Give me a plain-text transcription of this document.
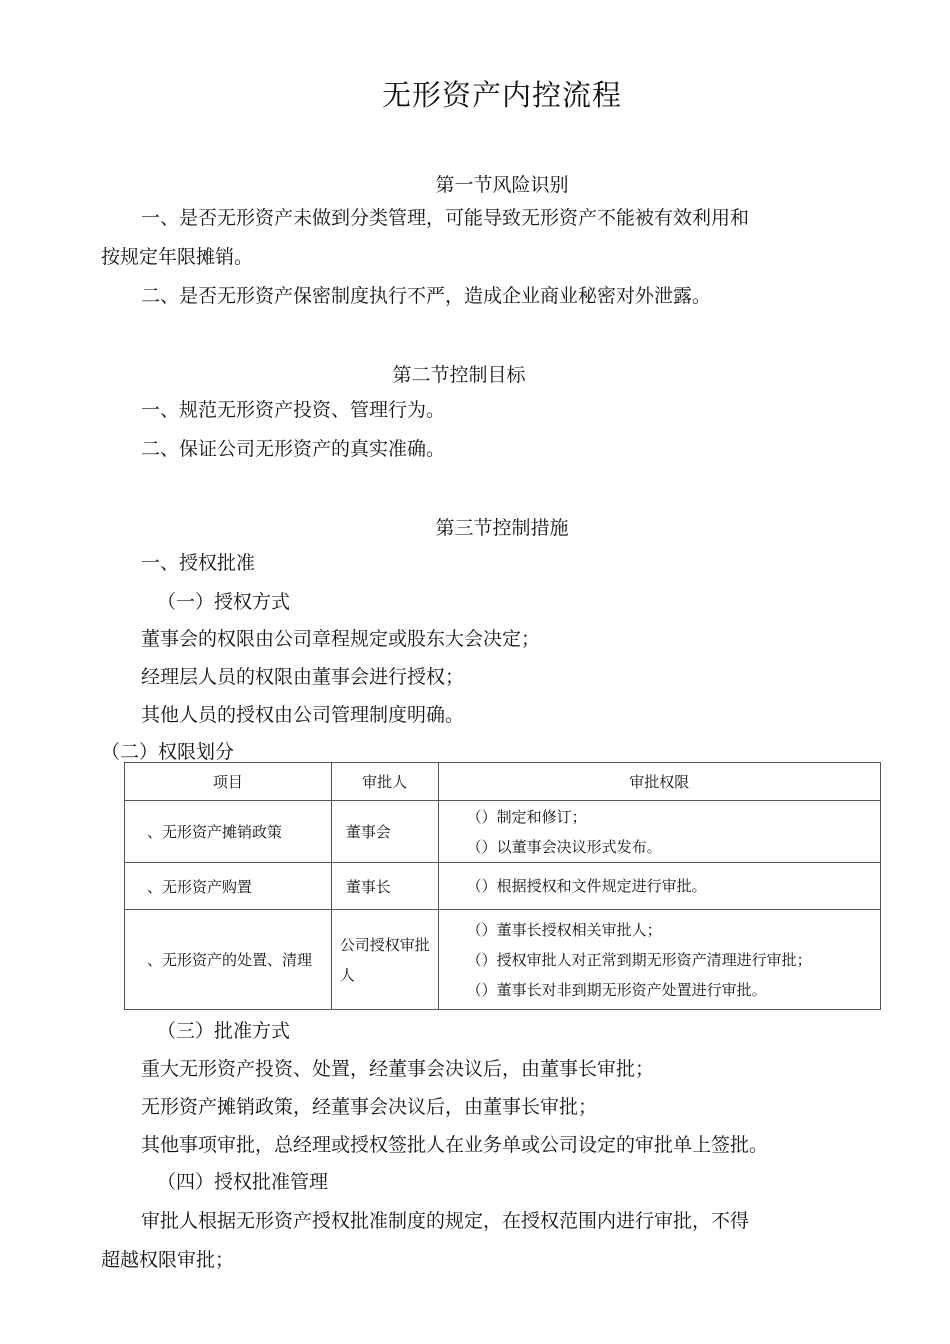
无形资产内控流程
第一节风险识别
一、是否无形资产未做到分类管理，可能导致无形资产不能被有效利用和
按规定年限摊销。
二、是否无形资产保密制度执行不严，造成企业商业秘密对外泄露。
第二节控制目标
一、规范无形资产投资、管理行为。
二、保证公司无形资产的真实准确。
第三节控制措施
一、授权批准
（一）授权方式
董事会的权限由公司章程规定或股东大会决定；
经理层人员的权限由董事会进行授权；
其他人员的授权由公司管理制度明确。
（二）权限划分
项目	审批人	审批权限
、无形资产摊销政策	董事会	（）制定和修订；
（）以董事会决议形式发布。

、无形资产购置	董事长	（）根据授权和文件规定进行审批。

、无形资产的处置、清理	公司授权审批人	（）董事长授权相关审批人；
（）授权审批人对正常到期无形资产清理进行审批；
（）董事长对非到期无形资产处置进行审批。
（三）批准方式
重大无形资产投资、处置，经董事会决议后，由董事长审批；
无形资产摊销政策，经董事会决议后，由董事长审批；
其他事项审批，总经理或授权签批人在业务单或公司设定的审批单上签批。
（四）授权批准管理
审批人根据无形资产授权批准制度的规定，在授权范围内进行审批，不得
超越权限审批；
